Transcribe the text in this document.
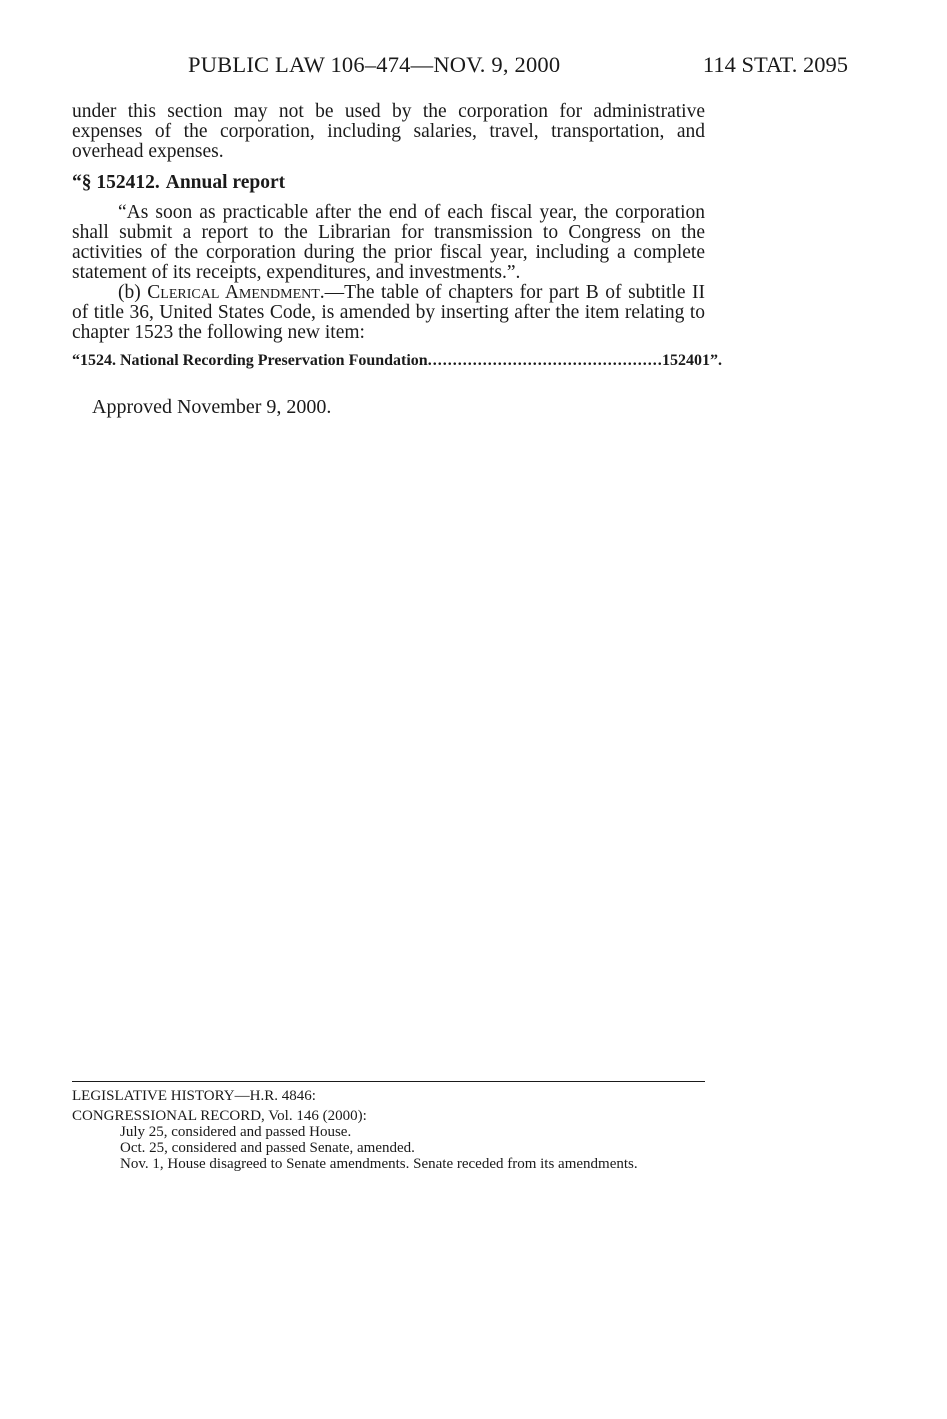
PUBLIC LAW 106–474—NOV. 9, 2000	114 STAT. 2095

under this section may not be used by the corporation for administrative expenses of the corporation, including salaries, travel, transportation, and overhead expenses.

“§ 152412. Annual report

“As soon as practicable after the end of each fiscal year, the corporation shall submit a report to the Librarian for transmission to Congress on the activities of the corporation during the prior fiscal year, including a complete statement of its receipts, expenditures, and investments.”.

(b) Clerical Amendment.—The table of chapters for part B of subtitle II of title 36, United States Code, is amended by inserting after the item relating to chapter 1523 the following new item:

“1524. National Recording Preservation Foundation
.....	152401”.
Approved November 9, 2000.

LEGISLATIVE HISTORY—H.R. 4846:

CONGRESSIONAL RECORD, Vol. 146 (2000):

July 25, considered and passed House.

Oct. 25, considered and passed Senate, amended.

Nov. 1, House disagreed to Senate amendments. Senate receded from its amendments.
